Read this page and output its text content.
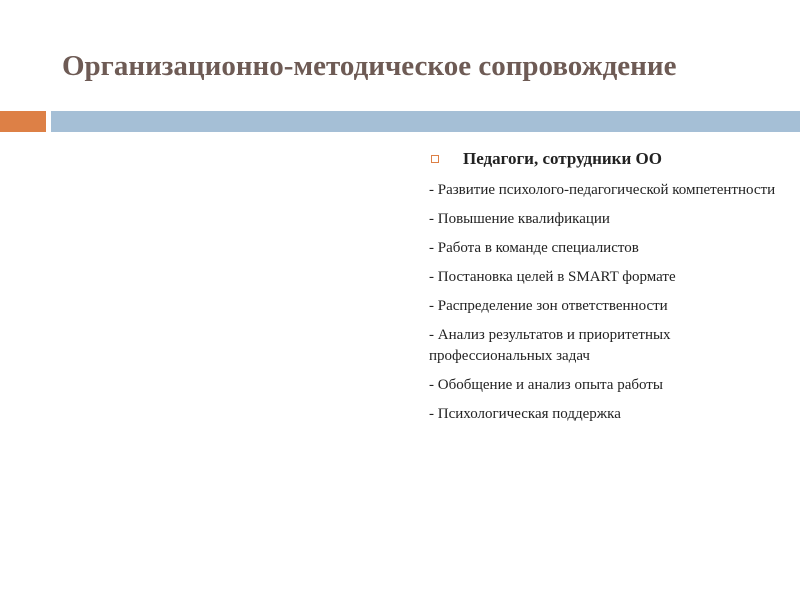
Организационно-методическое сопровождение
Педагоги, сотрудники ОО
- Развитие психолого-педагогической компетентности
- Повышение квалификации
- Работа в команде специалистов
- Постановка целей в SMART формате
- Распределение зон ответственности
- Анализ результатов и приоритетных профессиональных задач
- Обобщение и анализ опыта работы
- Психологическая поддержка
